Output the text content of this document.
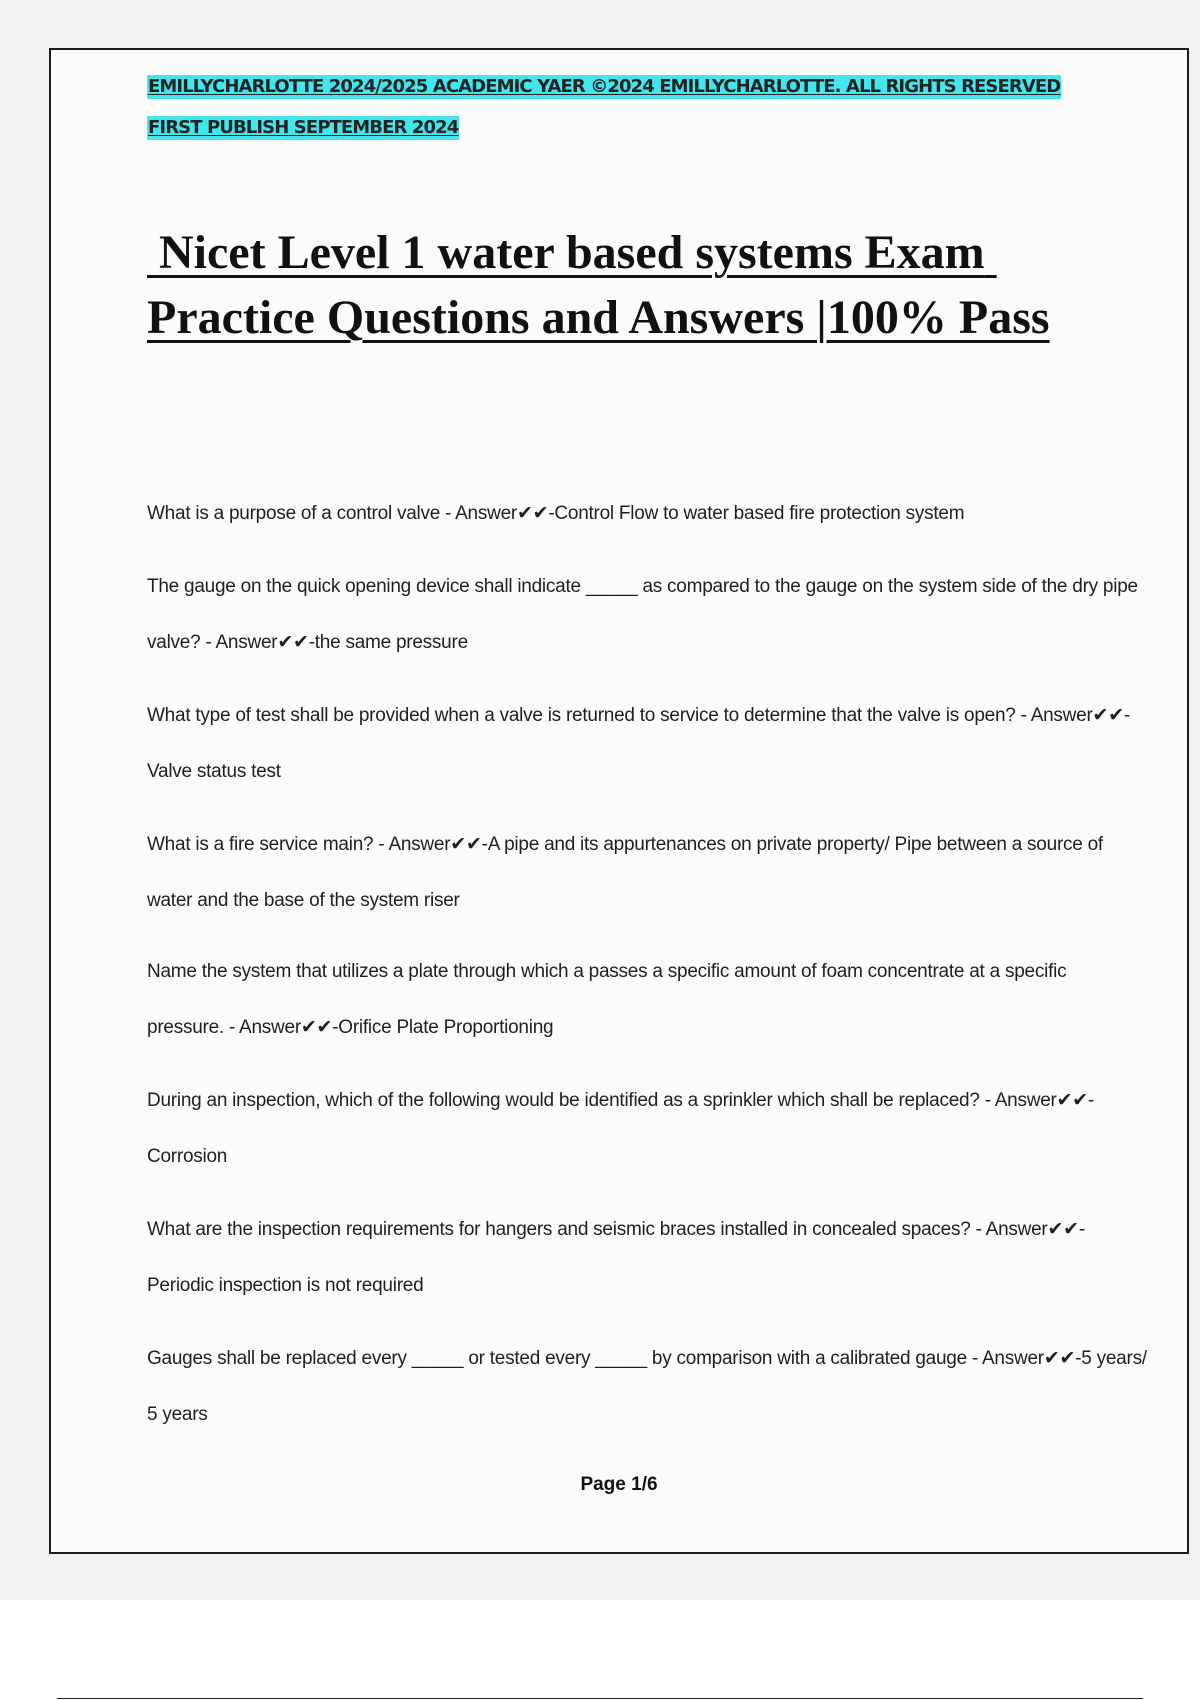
EMILLYCHARLOTTE 2024/2025 ACADEMIC YAER ©2024 EMILLYCHARLOTTE. ALL RIGHTS RESERVED
FIRST PUBLISH SEPTEMBER 2024
Nicet Level 1 water based systems Exam Practice Questions and Answers |100% Pass

What is a purpose of a control valve - Answer✔✔-Control Flow to water based fire protection system

The gauge on the quick opening device shall indicate _____ as compared to the gauge on the system side of the dry pipe valve? - Answer✔✔-the same pressure

What type of test shall be provided when a valve is returned to service to determine that the valve is open? - Answer✔✔-Valve status test

What is a fire service main? - Answer✔✔-A pipe and its appurtenances on private property/ Pipe between a source of water and the base of the system riser

Name the system that utilizes a plate through which a passes a specific amount of foam concentrate at a specific pressure. - Answer✔✔-Orifice Plate Proportioning

During an inspection, which of the following would be identified as a sprinkler which shall be replaced? - Answer✔✔-Corrosion

What are the inspection requirements for hangers and seismic braces installed in concealed spaces? - Answer✔✔-Periodic inspection is not required

Gauges shall be replaced every _____ or tested every _____ by comparison with a calibrated gauge - Answer✔✔-5 years/ 5 years

Page 1/6
